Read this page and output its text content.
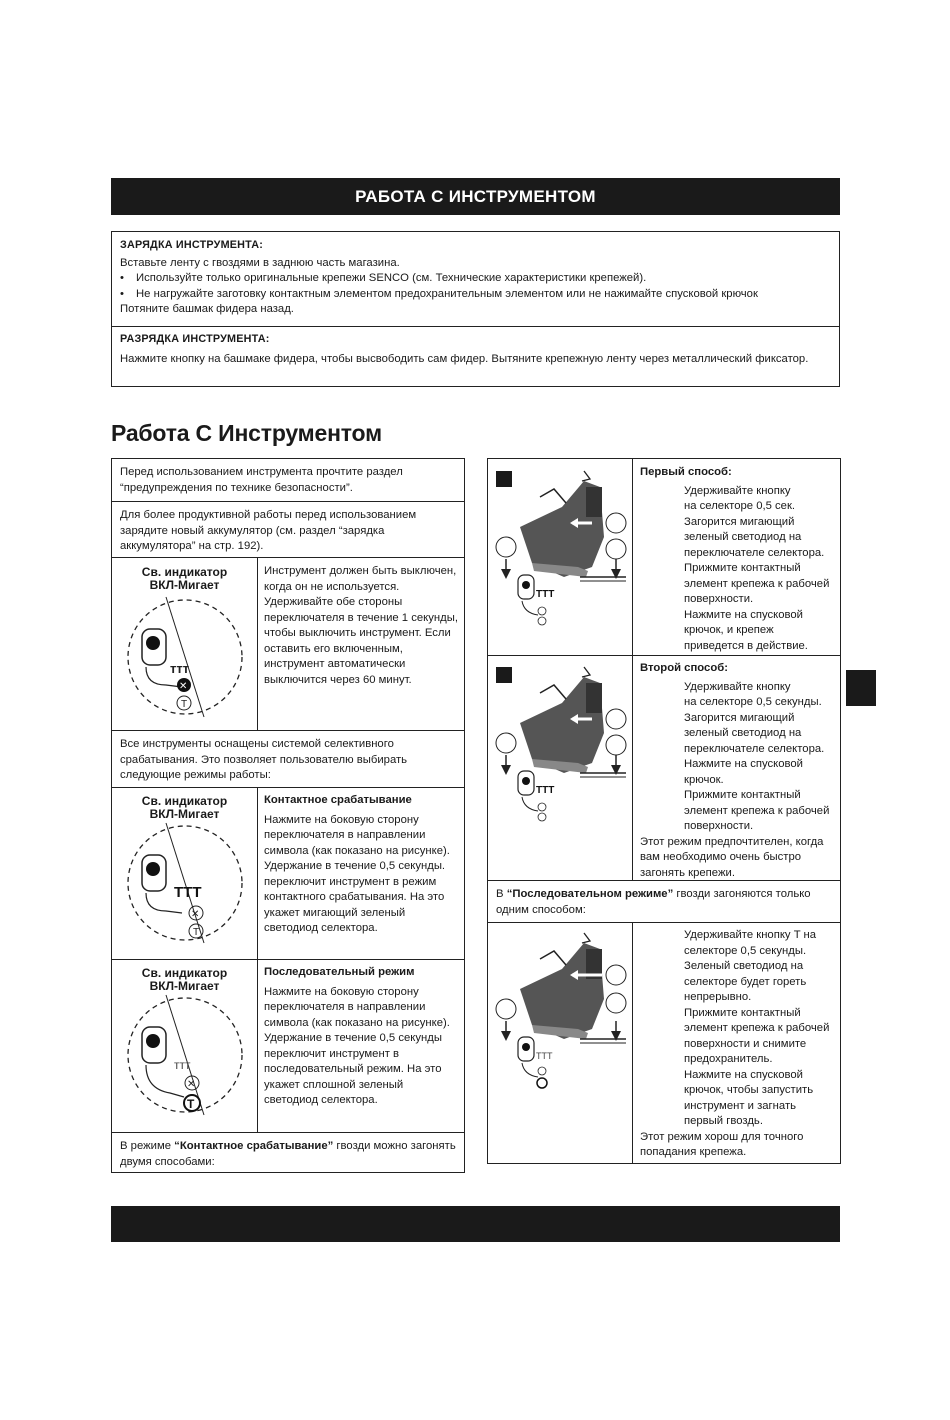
РАБОТА С ИНСТРУМЕНТОМ
ЗАРЯДКА ИНСТРУМЕНТА:
Вставьте ленту с гвоздями в заднюю часть магазина.
• Используйте только оригинальные крепежи SENCO (см. Технические характеристики крепежей).
• Не нагружайте заготовку контактным элементом предохранительным элементом или не нажимайте спусковой крючок
Потяните башмак фидера назад.
РАЗРЯДКА ИНСТРУМЕНТА:
Нажмите кнопку на башмаке фидера, чтобы высвободить сам фидер. Вытяните крепежную ленту через металлический фиксатор.
Работа С Инструментом
Перед использованием инструмента прочтите раздел “предупреждения по технике безопасности”.
Для более продуктивной работы перед использованием зарядите новый аккумулятор (см. раздел “зарядка аккумулятора” на стр. 192).
Св. индикатор
ВКЛ-Мигает
ᴛᴛᴛ
✕
T
Инструмент должен быть выключен, когда он не используется. Удерживайте обе стороны переключателя в течение 1 секунды, чтобы выключить инструмент. Если оставить его включенным, инструмент автоматически выключится через 60 минут.
Все инструменты оснащены системой селективного срабатывания. Это позволяет пользователю выбирать следующие режимы работы:
Св. индикатор
ВКЛ-Мигает
TTT
✕
T
Контактное срабатывание
Нажмите на боковую сторону переключателя в направлении символа (как показано на рисунке). Удержание в течение 0,5 секунды. переключит инструмент в режим контактного срабатывания. На это укажет мигающий зеленый светодиод селектора.
Св. индикатор
ВКЛ-Мигает
ᴛᴛᴛ
✕
T
Последовательный режим
Нажмите на боковую сторону переключателя в направлении символа (как показано на рисунке). Удержание в течение 0,5 секунды переключит инструмент в последовательный режим. На это укажет сплошной зеленый светодиод селектора.
В режиме “Контактное срабатывание” гвозди можно загонять двумя способами:
TTT
Первый способ:
Удерживайте кнопку
на селекторе 0,5 сек.
Загорится мигающий
зеленый светодиод на
переключателе селектора.
Прижмите контактный
элемент крепежа к рабочей
поверхности.
Нажмите на спусковой
крючок, и крепеж
приведется в действие.
TTT
Второй способ:
Удерживайте кнопку
на селекторе 0,5 секунды.
Загорится мигающий
зеленый светодиод на
переключателе селектора.
Нажмите на спусковой
крючок.
Прижмите контактный
элемент крепежа к рабочей
поверхности.
Этот режим предпочтителен, когда вам необходимо очень быстро загонять крепежи.
В “Последовательном режиме” гвозди загоняются только одним способом:
TTT
Удерживайте кнопку T на
селекторе 0,5 секунды.
Зеленый светодиод на
селекторе будет гореть
непрерывно.
Прижмите контактный
элемент крепежа к рабочей
поверхности и снимите
предохранитель.
Нажмите на спусковой
крючок, чтобы запустить
инструмент и загнать
первый гвоздь.
Этот режим хорош для точного попадания крепежа.
